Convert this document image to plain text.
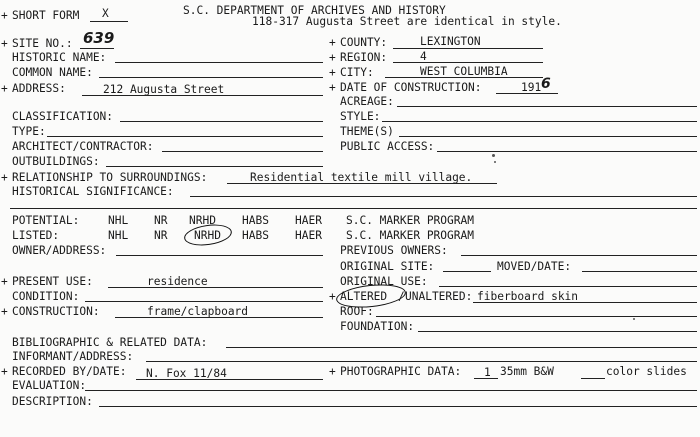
+ SHORT FORM X	S.C. DEPARTMENT OF ARCHIVES AND HISTORY
118-317 Augusta Street are identical in style.
+ SITE NO.: 639
HISTORIC NAME:
COMMON NAME:
+ ADDRESS:	212 Augusta Street
+ COUNTY:	LEXINGTON
+ REGION:	4
+ CITY:	WEST COLUMBIA
+ DATE OF CONSTRUCTION:	191 6
ACREAGE:
CLASSIFICATION:	STYLE:
TYPE:	THEME(S)
ARCHITECT/CONTRACTOR:	PUBLIC ACCESS:
OUTBUILDINGS:
+ RELATIONSHIP TO SURROUNDINGS:	Residential textile mill village.
HISTORICAL SIGNIFICANCE:
POTENTIAL:	NHL NR NRHD HABS HAER S.C. MARKER PROGRAM
LISTED:	NHL NR NRHD HABS HAER S.C. MARKER PROGRAM
OWNER/ADDRESS:	PREVIOUS OWNERS:
ORIGINAL SITE:	MOVED/DATE:
+ PRESENT USE:	residence	ORIGINAL USE:
CONDITION:	+ ALTERED / UNALTERED: fiberboard skin
+ CONSTRUCTION:	frame/clapboard	ROOF:
FOUNDATION:
BIBLIOGRAPHIC & RELATED DATA:
INFORMANT/ADDRESS:
+ RECORDED BY/DATE: N. Fox 11/84	+ PHOTOGRAPHIC DATA: 1 35mm B&W	color slides
EVALUATION:
DESCRIPTION:
